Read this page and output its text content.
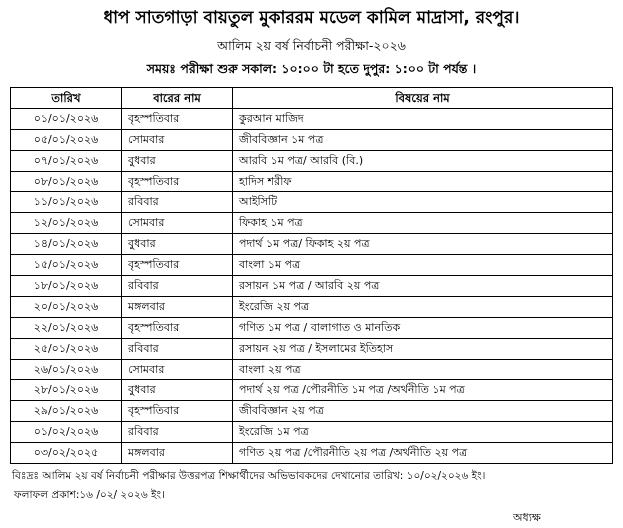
ধাপ সাতগাড়া বায়তুল মুকাররম মডেল কামিল মাদ্রাসা, রংপুর।
আলিম ২য় বর্ষ নির্বাচনী পরীক্ষা-২০২৬
সময়ঃ পরীক্ষা শুরু সকাল: ১০:০০ টা হতে দুপুর: ১:০০ টা পর্যন্ত ।
তারিখ	বারের নাম	বিষয়ের নাম
০১/০১/২০২৬	বৃহস্পতিবার	কুরআন মাজিদ
০৫/০১/২০২৬	সোমবার	জীববিজ্ঞান ১ম পত্র
০৭/০১/২০২৬	বুধবার	আরবি ১ম পত্র/ আরবি (বি.)
০৮/০১/২০২৬	বৃহস্পতিবার	হাদিস শরীফ
১১/০১/২০২৬	রবিবার	আইসিটি
১২/০১/২০২৬	সোমবার	ফিকাহ ১ম পত্র
১৪/০১/২০২৬	বুধবার	পদার্থ ১ম পত্র/ ফিকাহ ২য় পত্র
১৫/০১/২০২৬	বৃহস্পতিবার	বাংলা ১ম পত্র
১৮/০১/২০২৬	রবিবার	রসায়ন ১ম পত্র / আরবি ২য় পত্র
২০/০১/২০২৬	মঙ্গলবার	ইংরেজি ২য় পত্র
২২/০১/২০২৬	বৃহস্পতিবার	গণিত ১ম পত্র / বালাগাত ও মানতিক
২৫/০১/২০২৬	রবিবার	রসায়ন ২য় পত্র / ইসলামের ইতিহাস
২৬/০১/২০২৬	সোমবার	বাংলা ২য় পত্র
২৮/০১/২০২৬	বুধবার	পদার্থ ২য় পত্র /পৌরনীতি ১ম পত্র /অর্থনীতি ১ম পত্র
২৯/০১/২০২৬	বৃহস্পতিবার	জীববিজ্ঞান ২য় পত্র
০১/০২/২০২৬	রবিবার	ইংরেজি ১ম পত্র
০৩/০২/২০২৫	মঙ্গলবার	গণিত ২য় পত্র /পৌরনীতি ২য় পত্র /অর্থনীতি ২য় পত্র
বিঃদ্রঃ আলিম ২য় বর্ষ নির্বাচনী পরীক্ষার উত্তরপত্র শিক্ষার্থীদের অভিভাবকদের দেখানোর তারিখ: ১০/০২/২০২৬ ইং।
ফলাফল প্রকাশ:১৬ /০২/ ২০২৬ ইং।
অধ্যক্ষ
